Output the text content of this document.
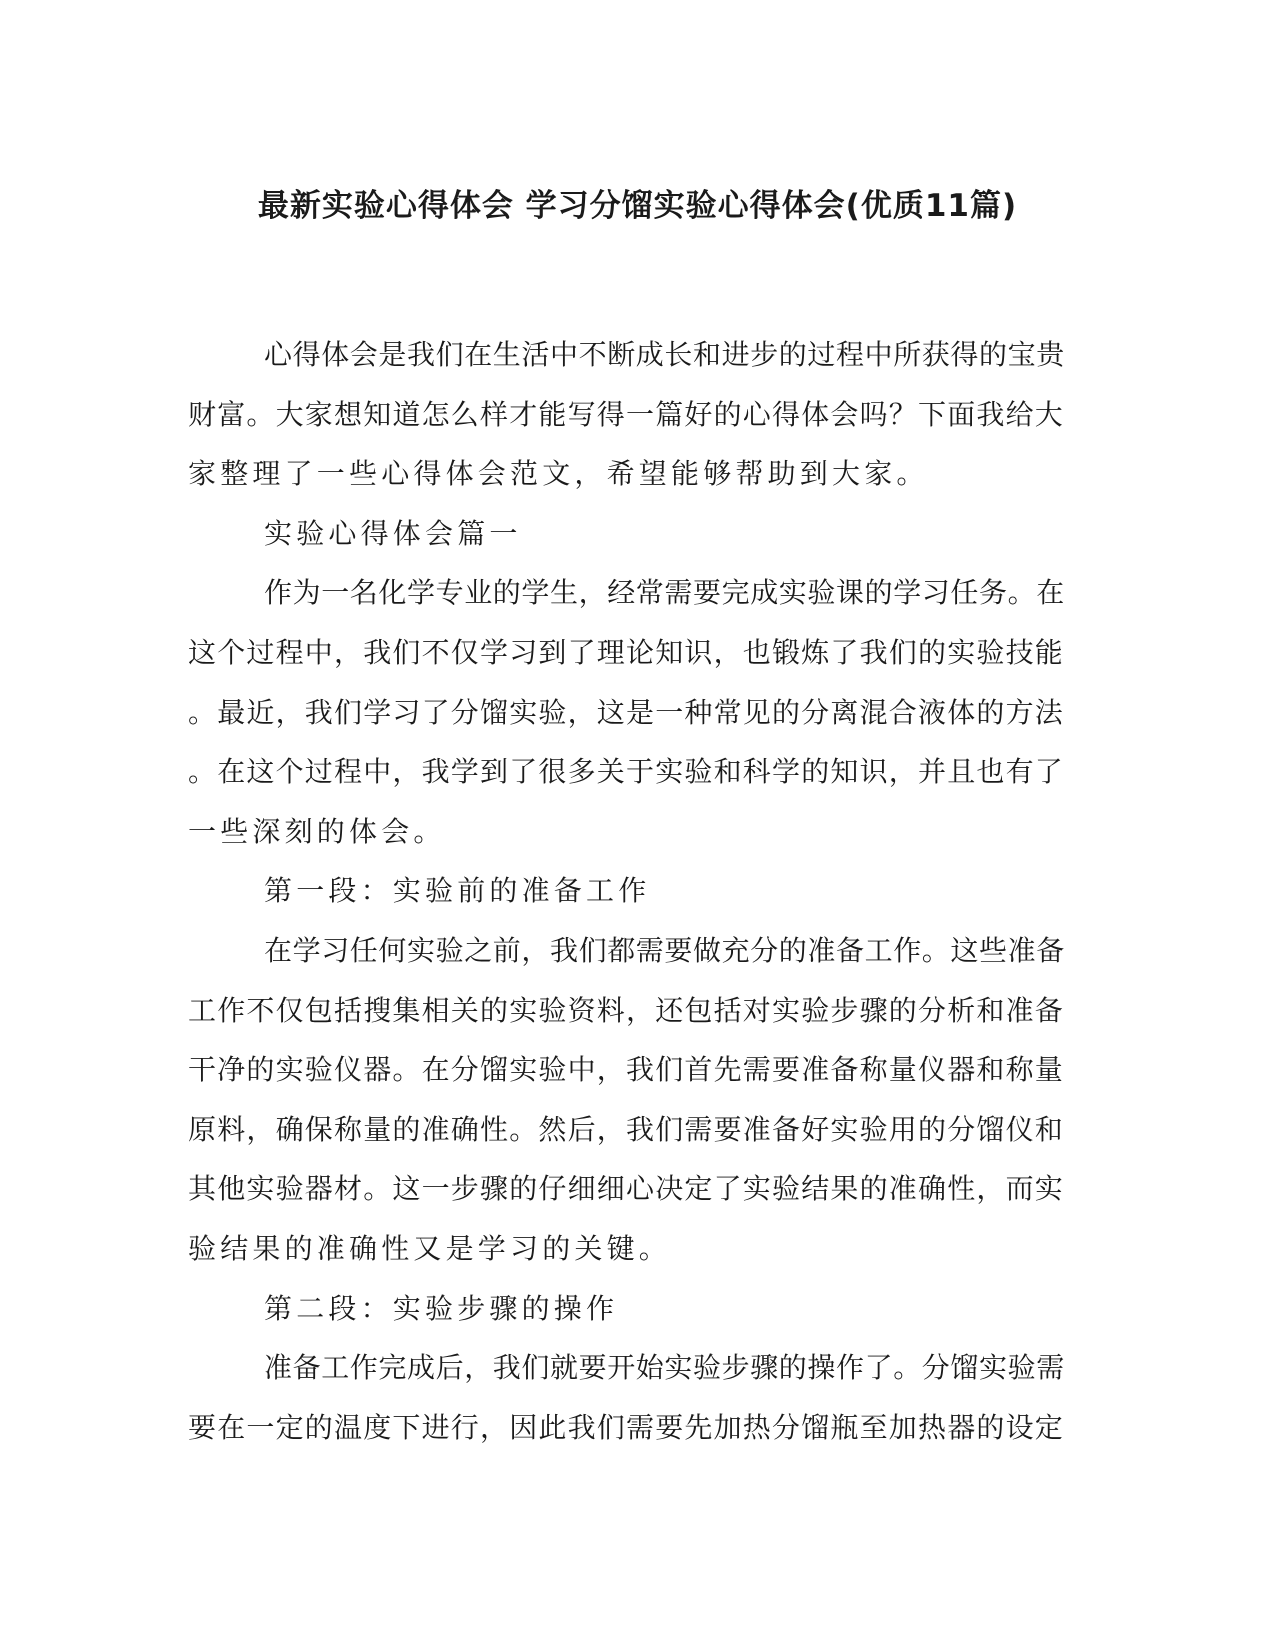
最新实验心得体会 学习分馏实验心得体会(优质11篇)
心得体会是我们在生活中不断成长和进步的过程中所获得的宝贵
财富。大家想知道怎么样才能写得一篇好的心得体会吗？下面我给大
家整理了一些心得体会范文，希望能够帮助到大家。
实验心得体会篇一
作为一名化学专业的学生，经常需要完成实验课的学习任务。在
这个过程中，我们不仅学习到了理论知识，也锻炼了我们的实验技能
。最近，我们学习了分馏实验，这是一种常见的分离混合液体的方法
。在这个过程中，我学到了很多关于实验和科学的知识，并且也有了
一些深刻的体会。
第一段：实验前的准备工作
在学习任何实验之前，我们都需要做充分的准备工作。这些准备
工作不仅包括搜集相关的实验资料，还包括对实验步骤的分析和准备
干净的实验仪器。在分馏实验中，我们首先需要准备称量仪器和称量
原料，确保称量的准确性。然后，我们需要准备好实验用的分馏仪和
其他实验器材。这一步骤的仔细细心决定了实验结果的准确性，而实
验结果的准确性又是学习的关键。
第二段：实验步骤的操作
准备工作完成后，我们就要开始实验步骤的操作了。分馏实验需
要在一定的温度下进行，因此我们需要先加热分馏瓶至加热器的设定
